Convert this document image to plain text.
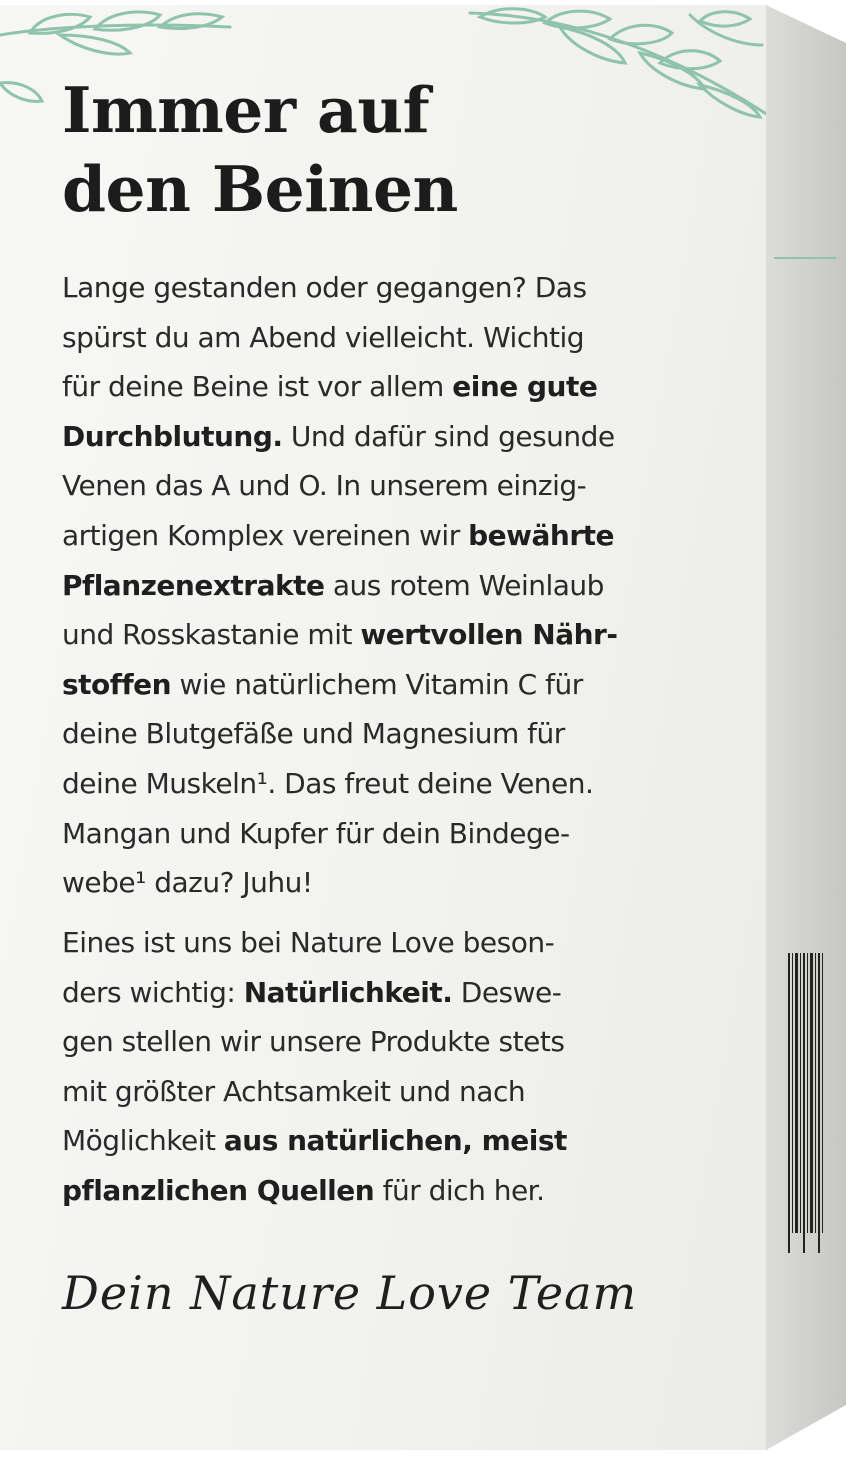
Immer auf
den Beinen

Lange gestanden oder gegangen? Das
spürst du am Abend vielleicht. Wichtig
für deine Beine ist vor allem eine gute
Durchblutung. Und dafür sind gesunde
Venen das A und O. In unserem einzig-
artigen Komplex vereinen wir bewährte
Pflanzenextrakte aus rotem Weinlaub
und Rosskastanie mit wertvollen Nähr-
stoffen wie natürlichem Vitamin C für
deine Blutgefäße und Magnesium für
deine Muskeln¹. Das freut deine Venen.
Mangan und Kupfer für dein Bindege-
webe¹ dazu? Juhu!

Eines ist uns bei Nature Love beson-
ders wichtig: Natürlichkeit. Deswe-
gen stellen wir unsere Produkte stets
mit größter Achtsamkeit und nach
Möglichkeit aus natürlichen, meist
pflanzlichen Quellen für dich her.

Dein Nature Love Team
